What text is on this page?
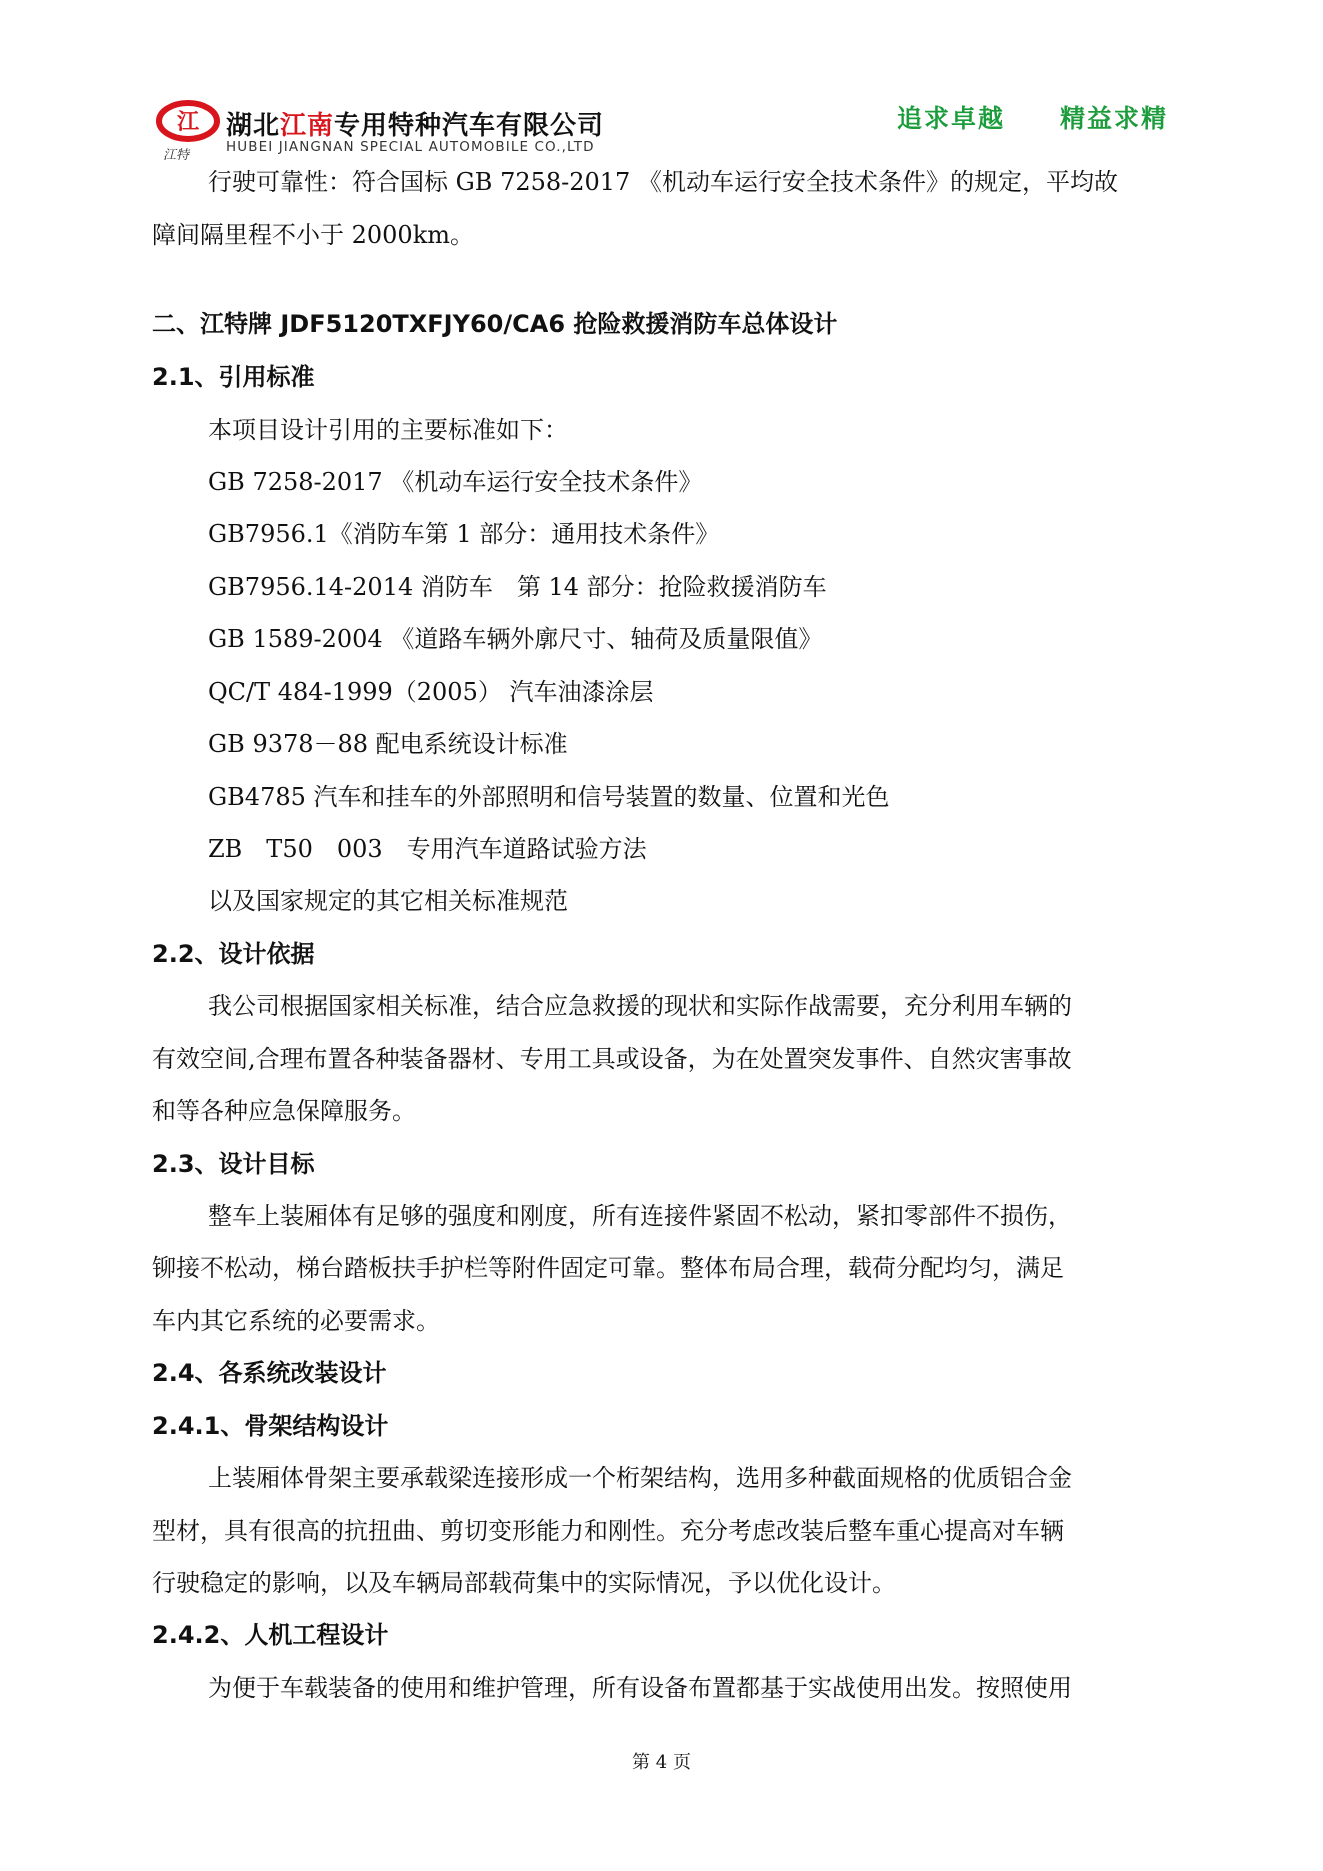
江
江特
湖北江南专用特种汽车有限公司
HUBEI JIANGNAN SPECIAL AUTOMOBILE CO.,LTD
追求卓越 精益求精
行驶可靠性：符合国标 GB 7258-2017 《机动车运行安全技术条件》的规定，平均故
障间隔里程不小于 2000km。
二、江特牌 JDF5120TXFJY60/CA6 抢险救援消防车总体设计
2.1、引用标准
本项目设计引用的主要标准如下：
GB 7258-2017 《机动车运行安全技术条件》
GB7956.1《消防车第 1 部分：通用技术条件》
GB7956.14-2014 消防车　第 14 部分：抢险救援消防车
GB 1589-2004 《道路车辆外廓尺寸、轴荷及质量限值》
QC/T 484-1999（2005） 汽车油漆涂层
GB 9378－88 配电系统设计标准
GB4785 汽车和挂车的外部照明和信号装置的数量、位置和光色
ZB　T50　003　专用汽车道路试验方法
以及国家规定的其它相关标准规范
2.2、设计依据
我公司根据国家相关标准，结合应急救援的现状和实际作战需要，充分利用车辆的
有效空间,合理布置各种装备器材、专用工具或设备，为在处置突发事件、自然灾害事故
和等各种应急保障服务。
2.3、设计目标
整车上装厢体有足够的强度和刚度，所有连接件紧固不松动，紧扣零部件不损伤，
铆接不松动，梯台踏板扶手护栏等附件固定可靠。整体布局合理，载荷分配均匀，满足
车内其它系统的必要需求。
2.4、各系统改装设计
2.4.1、骨架结构设计
上装厢体骨架主要承载梁连接形成一个桁架结构，选用多种截面规格的优质铝合金
型材，具有很高的抗扭曲、剪切变形能力和刚性。充分考虑改装后整车重心提高对车辆
行驶稳定的影响，以及车辆局部载荷集中的实际情况，予以优化设计。
2.4.2、人机工程设计
为便于车载装备的使用和维护管理，所有设备布置都基于实战使用出发。按照使用
第 4 页
